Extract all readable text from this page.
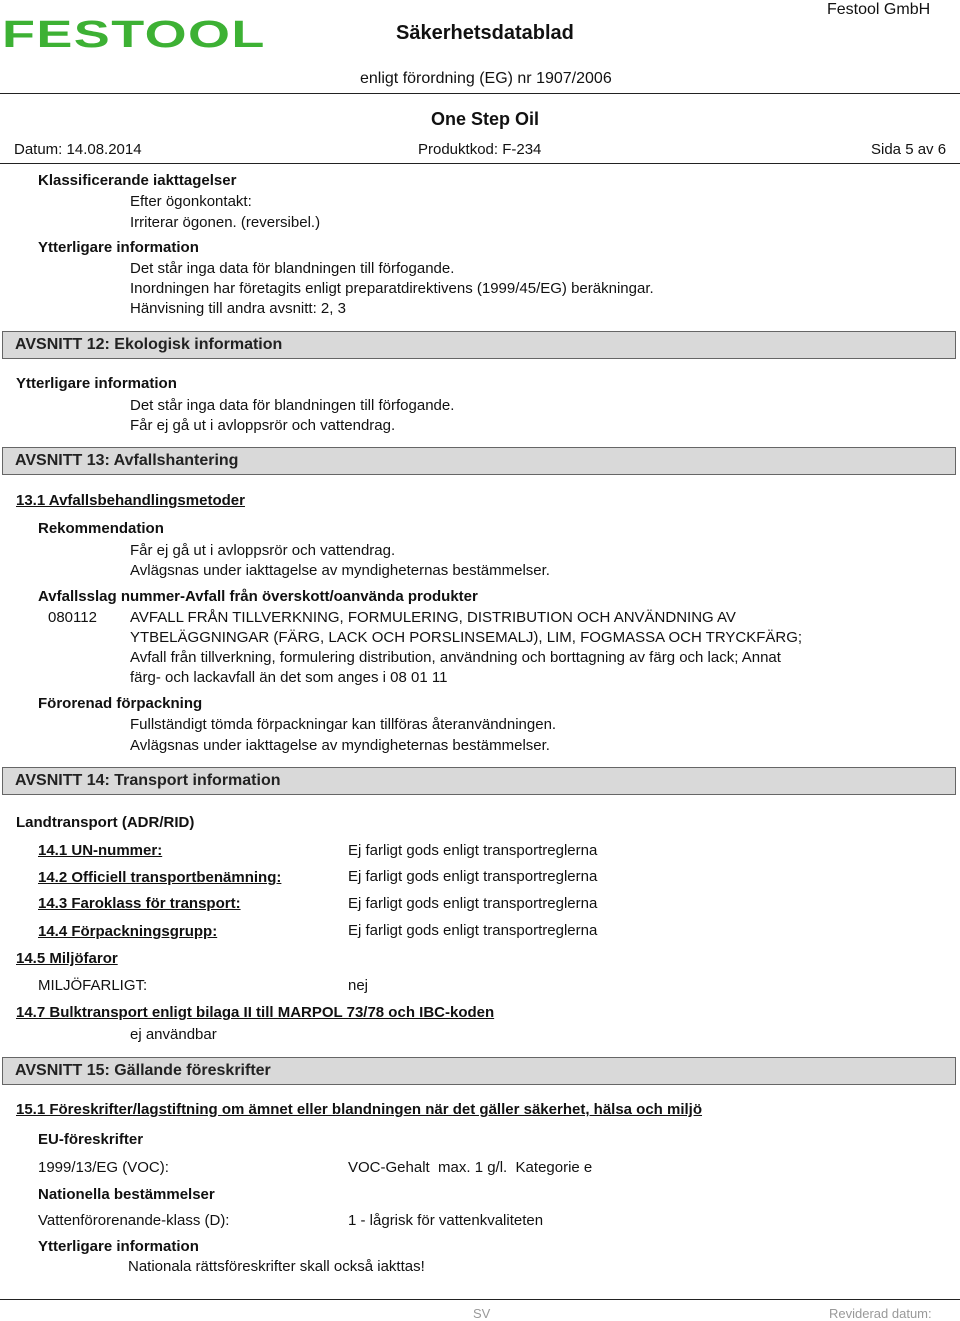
FESTOOL	Säkerhetsdatablad
Festool GmbH
enligt förordning (EG) nr 1907/2006
One Step Oil
Datum: 14.08.2014	Produktkod: F-234	Sida 5 av 6
Klassificerande iakttagelser
Efter ögonkontakt:
Irriterar ögonen. (reversibel.)
Ytterligare information
Det står inga data för blandningen till förfogande.
Inordningen har företagits enligt preparatdirektivens (1999/45/EG) beräkningar.
Hänvisning till andra avsnitt: 2, 3
AVSNITT 12: Ekologisk information
Ytterligare information
Det står inga data för blandningen till förfogande.
Får ej gå ut i avloppsrör och vattendrag.
AVSNITT 13: Avfallshantering
13.1 Avfallsbehandlingsmetoder
Rekommendation
Får ej gå ut i avloppsrör och vattendrag.
Avlägsnas under iakttagelse av myndigheternas bestämmelser.
Avfallsslag nummer-Avfall från överskott/oanvända produkter
080112 AVFALL FRÅN TILLVERKNING, FORMULERING, DISTRIBUTION OCH ANVÄNDNING AV
YTBELÄGGNINGAR (FÄRG, LACK OCH PORSLINSEMALJ), LIM, FOGMASSA OCH TRYCKFÄRG;
Avfall från tillverkning, formulering distribution, användning och borttagning av färg och lack; Annat
färg- och lackavfall än det som anges i 08 01 11
Förorenad förpackning
Fullständigt tömda förpackningar kan tillföras återanvändningen.
Avlägsnas under iakttagelse av myndigheternas bestämmelser.
AVSNITT 14: Transport information
Landtransport (ADR/RID)
14.1 UN-nummer:	Ej farligt gods enligt transportreglerna
14.2 Officiell transportbenämning:	Ej farligt gods enligt transportreglerna
14.3 Faroklass för transport:	Ej farligt gods enligt transportreglerna
14.4 Förpackningsgrupp:	Ej farligt gods enligt transportreglerna
14.5 Miljöfaror
MILJÖFARLIGT:	nej
14.7 Bulktransport enligt bilaga II till MARPOL 73/78 och IBC-koden
ej användbar
AVSNITT 15: Gällande föreskrifter
15.1 Föreskrifter/lagstiftning om ämnet eller blandningen när det gäller säkerhet, hälsa och miljö
EU-föreskrifter
1999/13/EG (VOC):	VOC-Gehalt  max. 1 g/l.  Kategorie e
Nationella bestämmelser
Vattenförorenande-klass (D):	1 - lågrisk för vattenkvaliteten
Ytterligare information
Nationala rättsföreskrifter skall också iakttas!
SV	Reviderad datum:
